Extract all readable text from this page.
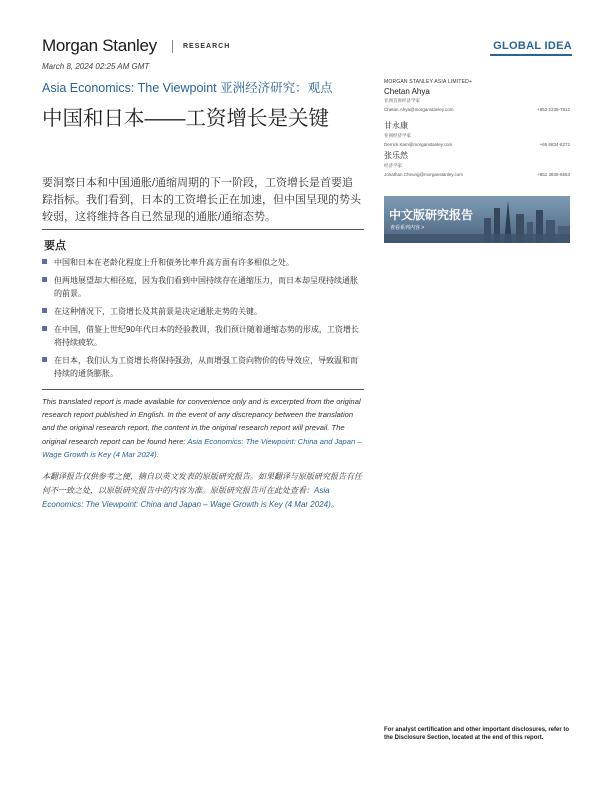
Morgan Stanley	RESEARCH	GLOBAL IDEA
March 8, 2024 02:25 AM GMT
Asia Economics: The Viewpoint 亚洲经济研究：观点
中国和日本——工资增长是关键
要洞察日本和中国通胀/通缩周期的下一阶段，工资增长是首要追踪指标。我们看到，日本的工资增长正在加速，但中国呈现的势头较弱，这将维持各自已然显现的通胀/通缩态势。
要点
中国和日本在老龄化程度上升和债务比率升高方面有许多相似之处。
但两地展望却大相径庭，因为我们看到中国持续存在通缩压力，而日本却呈现持续通胀的前景。
在这种情况下，工资增长及其前景是决定通胀走势的关键。
在中国，借鉴上世纪90年代日本的经验教训，我们预计随着通缩态势的形成，工资增长将持续疲软。
在日本，我们认为工资增长将保持强劲，从而增强工资向物价的传导效应，导致温和而持续的通货膨胀。
This translated report is made available for convenience only and is excerpted from the original research report published in English. In the event of any discrepancy between the translation and the original research report, the content in the original research report will prevail. The original research report can be found here: Asia Economics: The Viewpoint: China and Japan – Wage Growth is Key (4 Mar 2024).
本翻译报告仅供参考之便，摘自以英文发表的原版研究报告。如果翻译与原版研究报告有任何不一致之处，以原版研究报告中的内容为准。原版研究报告可在此处查看：Asia Economics: The Viewpoint: China and Japan – Wage Growth is Key (4 Mar 2024)。
MORGAN STANLEY ASIA LIMITED+
Chetan Ahya
亚洲首席经济学家
Chetan.Ahya@morganstanley.com	+852 2239-7812
甘永康
亚洲经济学家
Derrick.Kam@morganstanley.com	+65 6834-8272
张乐然
经济学家
Jonathan.Cheung@morganstanley.com	+852 3848-6553
中文版研究报告
查看系列内容 >
For analyst certification and other important disclosures, refer to the Disclosure Section, located at the end of this report.
